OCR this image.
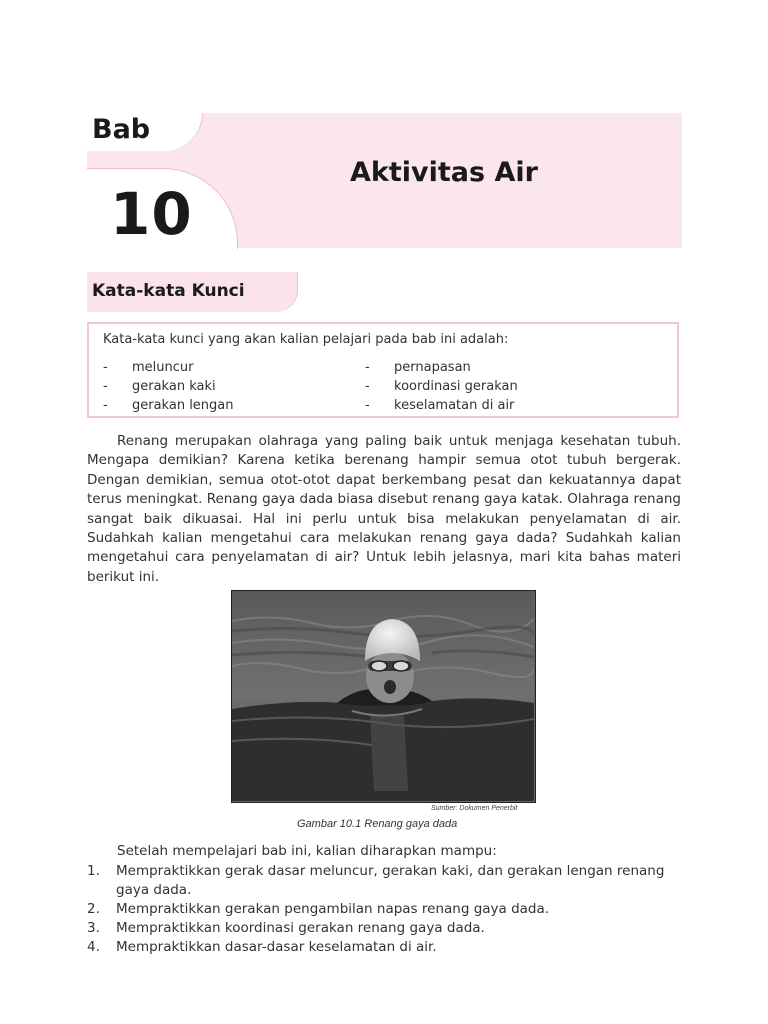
Bab
10
Aktivitas Air
Kata-kata Kunci
Kata-kata kunci yang akan kalian pelajari pada bab ini adalah:
-	meluncur
-	gerakan kaki
-	gerakan lengan
-	pernapasan
-	koordinasi gerakan
-	keselamatan di air

Renang merupakan olahraga yang paling baik untuk menjaga kesehatan tubuh. Mengapa demikian? Karena ketika berenang hampir semua otot tubuh bergerak. Dengan demikian, semua otot-otot dapat berkembang pesat dan kekuatannya dapat terus meningkat. Renang gaya dada biasa disebut renang gaya katak. Olahraga renang sangat baik dikuasai. Hal ini perlu untuk bisa melakukan penyelamatan di air. Sudahkah kalian mengetahui cara melakukan renang gaya dada? Sudahkah kalian mengetahui cara penyelamatan di air? Untuk lebih jelasnya, mari kita bahas materi berikut ini.

Sumber: Dokumen Penerbit
Gambar 10.1 Renang gaya dada
Setelah mempelajari bab ini, kalian diharapkan mampu:
1.	Mempraktikkan gerak dasar meluncur, gerakan kaki, dan gerakan lengan renang gaya dada.
2.	Mempraktikkan gerakan pengambilan napas renang gaya dada.
3.	Mempraktikkan koordinasi gerakan renang gaya dada.
4.	Mempraktikkan dasar-dasar keselamatan di air.
